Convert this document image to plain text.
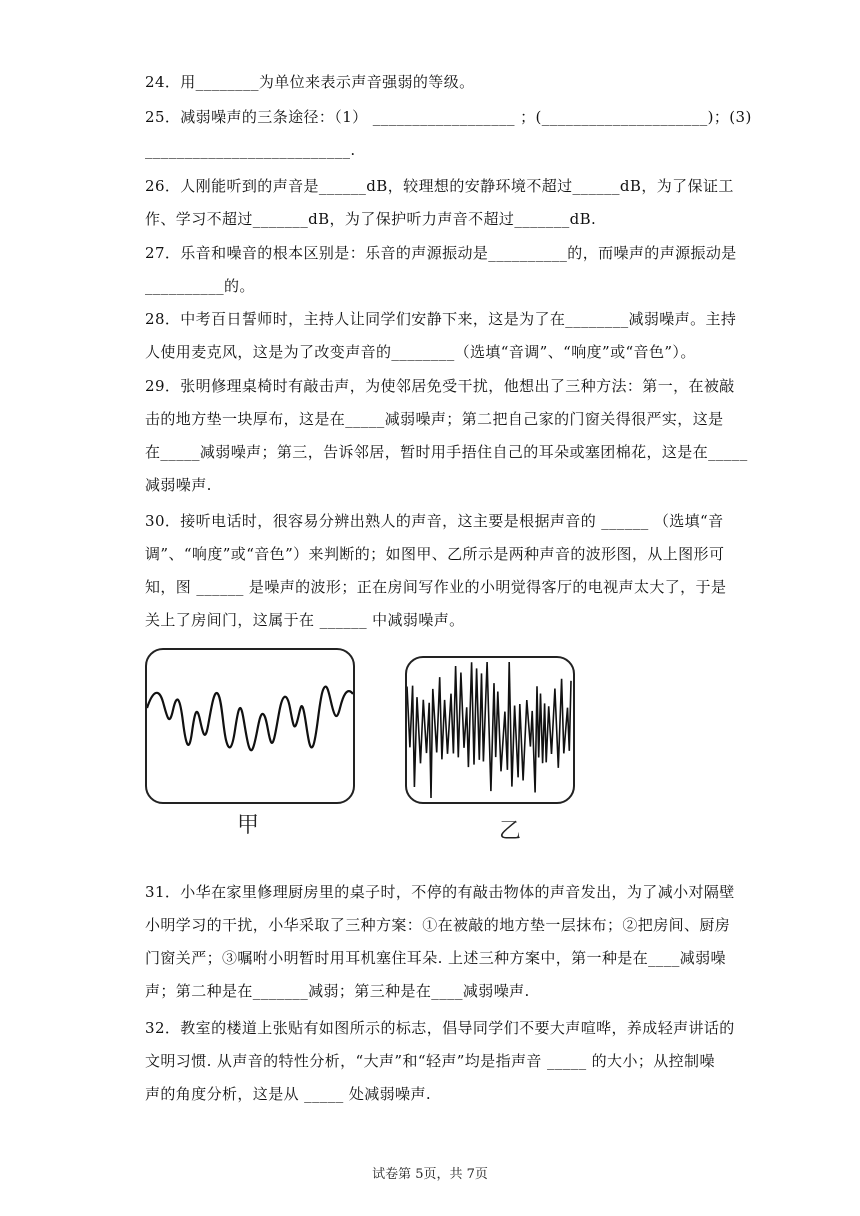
24．用________为单位来表示声音强弱的等级。
25．减弱噪声的三条途径：（1） __________________ ；(_____________________)；(3)
__________________________.
26．人刚能听到的声音是______dB，较理想的安静环境不超过______dB，为了保证工
作、学习不超过_______dB，为了保护听力声音不超过_______dB.
27．乐音和噪音的根本区别是：乐音的声源振动是__________的，而噪声的声源振动是
__________的。
28．中考百日誓师时，主持人让同学们安静下来，这是为了在________减弱噪声。主持
人使用麦克风，这是为了改变声音的________（选填“音调”、“响度”或“音色”）。
29．张明修理桌椅时有敲击声，为使邻居免受干扰，他想出了三种方法：第一，在被敲
击的地方垫一块厚布，这是在_____减弱噪声；第二把自己家的门窗关得很严实，这是
在_____减弱噪声；第三，告诉邻居，暂时用手捂住自己的耳朵或塞团棉花，这是在_____
减弱噪声.
30．接听电话时，很容易分辨出熟人的声音，这主要是根据声音的 ______ （选填“音
调”、“响度”或“音色”）来判断的；如图甲、乙所示是两种声音的波形图，从上图形可
知，图 ______ 是噪声的波形；正在房间写作业的小明觉得客厅的电视声太大了，于是
关上了房间门，这属于在 ______ 中减弱噪声。
甲	乙
31．小华在家里修理厨房里的桌子时，不停的有敲击物体的声音发出，为了减小对隔壁
小明学习的干扰，小华采取了三种方案：①在被敲的地方垫一层抹布；②把房间、厨房
门窗关严；③嘱咐小明暂时用耳机塞住耳朵. 上述三种方案中，第一种是在____减弱噪
声；第二种是在_______减弱；第三种是在____减弱噪声.
32．教室的楼道上张贴有如图所示的标志，倡导同学们不要大声喧哗，养成轻声讲话的
文明习惯. 从声音的特性分析，“大声”和“轻声”均是指声音 _____ 的大小；从控制噪
声的角度分析，这是从 _____ 处减弱噪声.
试卷第 5页，共 7页
